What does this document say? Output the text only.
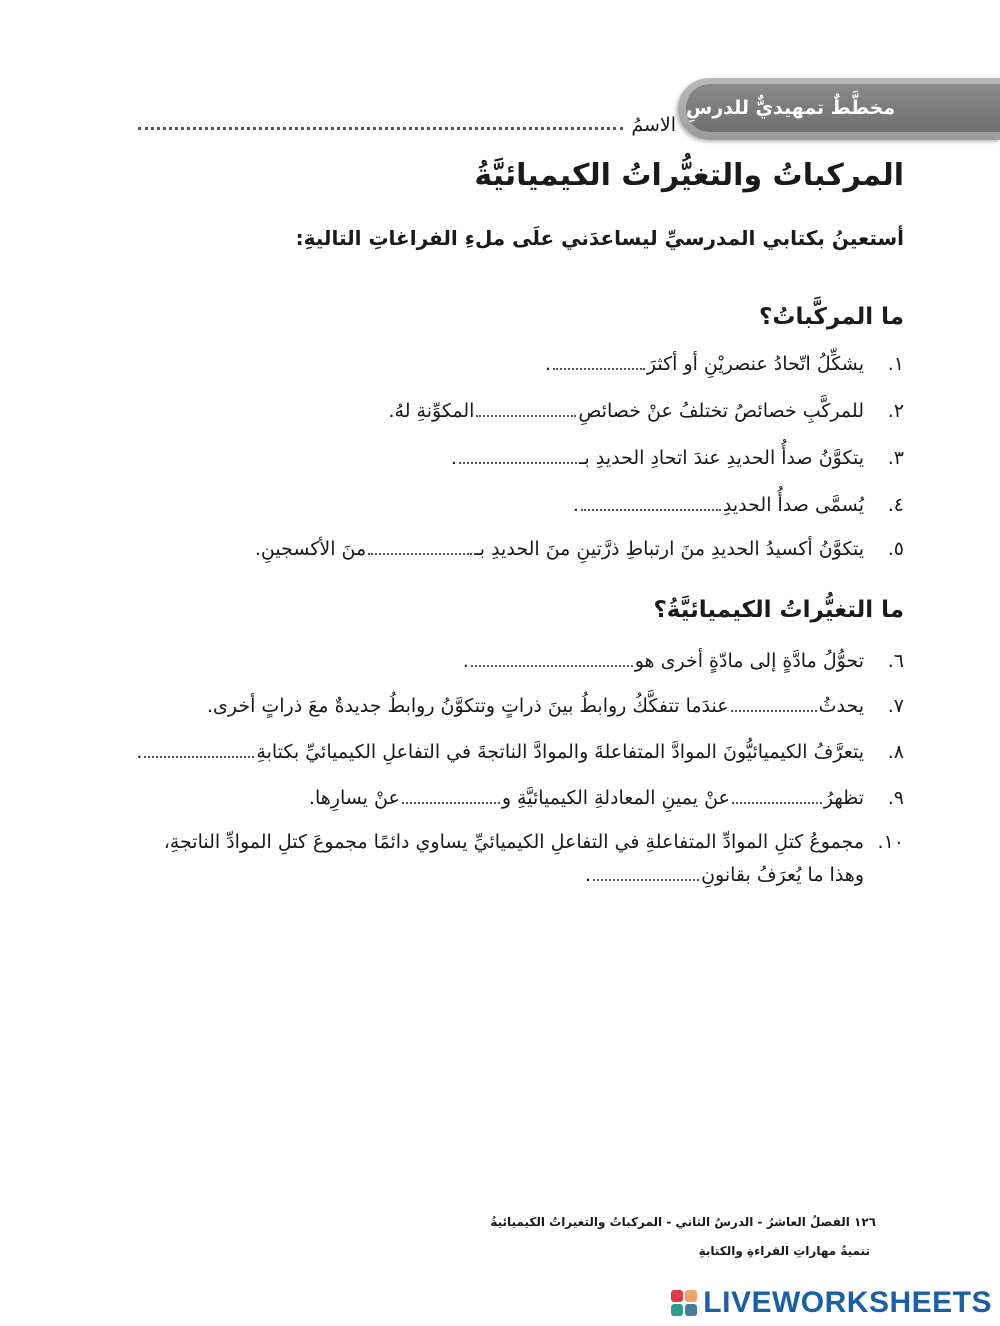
مخطَّطٌ تمهيديٌّ للدرسِ
الاسمُ
المركباتُ والتغيُّراتُ الكيميائيَّةُ
أستعينُ بكتابي المدرسيِّ ليساعدَني علَى ملءِ الفراغاتِ التاليةِ:
ما المركَّباتُ؟
١.يشكِّلُ اتّحادُ عنصريْنِ أو أكثرَ.
٢.للمركَّبِ خصائصُ تختلفُ عنْ خصائصِالمكوِّنةِ لهُ.
٣.يتكوَّنُ صدأُ الحديدِ عندَ اتحادِ الحديدِ بـ.
٤.يُسمَّى صدأُ الحديدِ.
٥.يتكوَّنُ أكسيدُ الحديدِ منَ ارتباطِ ذرَّتينِ منَ الحديدِ بـمنَ الأكسجينِ.
ما التغيُّراتُ الكيميائيَّةُ؟
٦.تحوُّلُ مادَّةٍ إلى مادّةٍ أخرى هو.
٧.يحدثُعندَما تتفكَّكُ روابطُ بينَ ذراتٍ وتتكوَّنُ روابطُ جديدةٌ معَ ذراتٍ أخرى.
٨.يتعرَّفُ الكيميائيُّونَ الموادَّ المتفاعلةَ والموادَّ الناتجةَ في التفاعلِ الكيميائيِّ بكتابةِ.
٩.تظهرُعنْ يمينِ المعادلةِ الكيميائيَّةِ وعنْ يسارِها.
١٠.مجموعُ كتلِ الموادِّ المتفاعلةِ في التفاعلِ الكيميائيِّ يساوي دائمًا مجموعَ كتلِ الموادِّ الناتجةِ،
وهذا ما يُعرَفُ بقانونِ.
١٢٦ الفصلُ العاشرُ - الدرسُ الثاني - المركباتُ والتغيراتُ الكيميائيةُ
تنميةُ مهاراتِ القراءةِ والكتابةِ
LIVEWORKSHEETS
